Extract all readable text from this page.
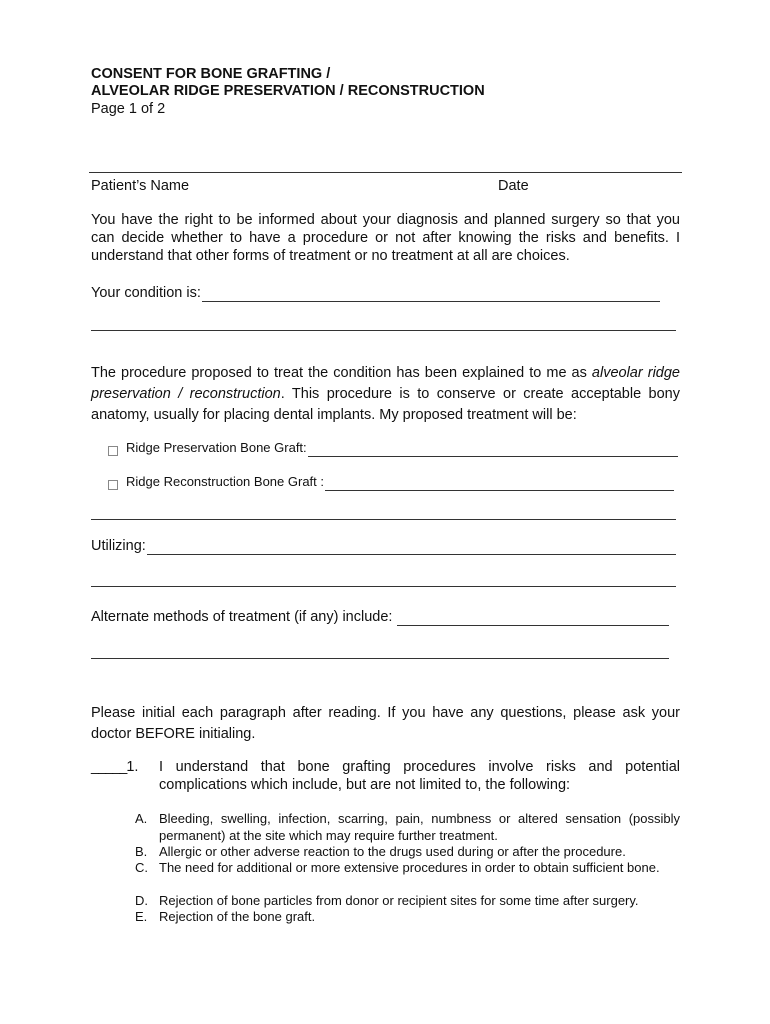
CONSENT FOR BONE GRAFTING /
ALVEOLAR RIDGE PRESERVATION / RECONSTRUCTION
Page 1 of 2
Patient’s Name	Date
You have the right to be informed about your diagnosis and planned surgery so that you can decide whether to have a procedure or not after knowing the risks and benefits. I understand that other forms of treatment or no treatment at all are choices.
Your condition is:
The procedure proposed to treat the condition has been explained to me as alveolar ridge preservation / reconstruction. This procedure is to conserve or create acceptable bony anatomy, usually for placing dental implants. My proposed treatment will be:
Ridge Preservation Bone Graft:
Ridge Reconstruction Bone Graft :
Utilizing:
Alternate methods of treatment (if any) include:
Please initial each paragraph after reading. If you have any questions, please ask your doctor BEFORE initialing.
_____ 1. I understand that bone grafting procedures involve risks and potential complications which include, but are not limited to, the following:
A. Bleeding, swelling, infection, scarring, pain, numbness or altered sensation (possibly permanent) at the site which may require further treatment.
B. Allergic or other adverse reaction to the drugs used during or after the procedure.
C. The need for additional or more extensive procedures in order to obtain sufficient bone.
D. Rejection of bone particles from donor or recipient sites for some time after surgery.
E. Rejection of the bone graft.
